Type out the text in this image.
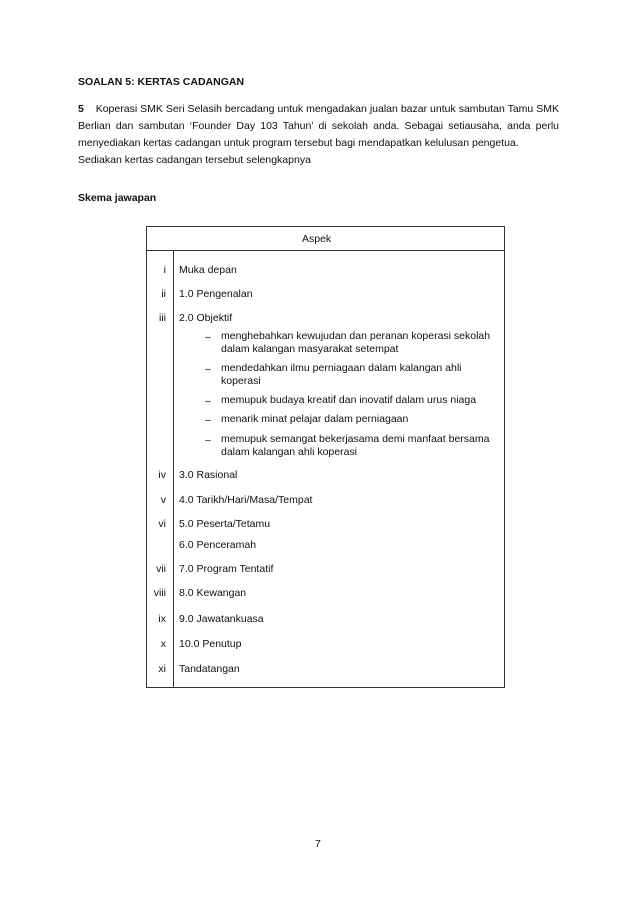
SOALAN 5: KERTAS CADANGAN

5 Koperasi SMK Seri Selasih bercadang untuk mengadakan jualan bazar untuk sambutan Tamu SMK Berlian dan sambutan ‘Founder Day 103 Tahun’ di sekolah anda. Sebagai setiausaha, anda perlu menyediakan kertas cadangan untuk program tersebut bagi mendapatkan kelulusan pengetua.

Sediakan kertas cadangan tersebut selengkapnya
Skema jawapan
Aspek
i Muka depan
ii 1.0 Pengenalan
iii 2.0 Objektif
– menghebahkan kewujudan dan peranan koperasi sekolah dalam kalangan masyarakat setempat
– mendedahkan ilmu perniagaan dalam kalangan ahli koperasi
– memupuk budaya kreatif dan inovatif dalam urus niaga
– menarik minat pelajar dalam perniagaan
– memupuk semangat bekerjasama demi manfaat bersama dalam kalangan ahli koperasi
iv 3.0 Rasional
v 4.0 Tarikh/Hari/Masa/Tempat
vi 5.0 Peserta/Tetamu
6.0 Penceramah
vii 7.0 Program Tentatif
viii 8.0 Kewangan
ix 9.0 Jawatankuasa
x 10.0 Penutup
xi Tandatangan
7
